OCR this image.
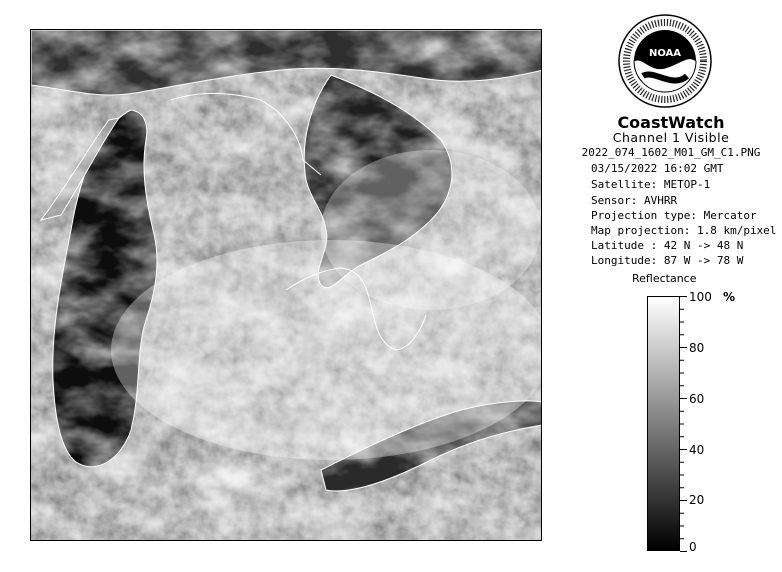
NOAA
CoastWatch
Channel 1 Visible
2022_074_1602_M01_GM_C1.PNG
03/15/2022 16:02 GMT
Satellite: METOP-1
Sensor: AVHRR
Projection type: Mercator
Map projection: 1.8 km/pixel
Latitude : 42 N -> 48 N
Longitude: 87 W -> 78 W
Reflectance
%
100
80
60
40
20
0
